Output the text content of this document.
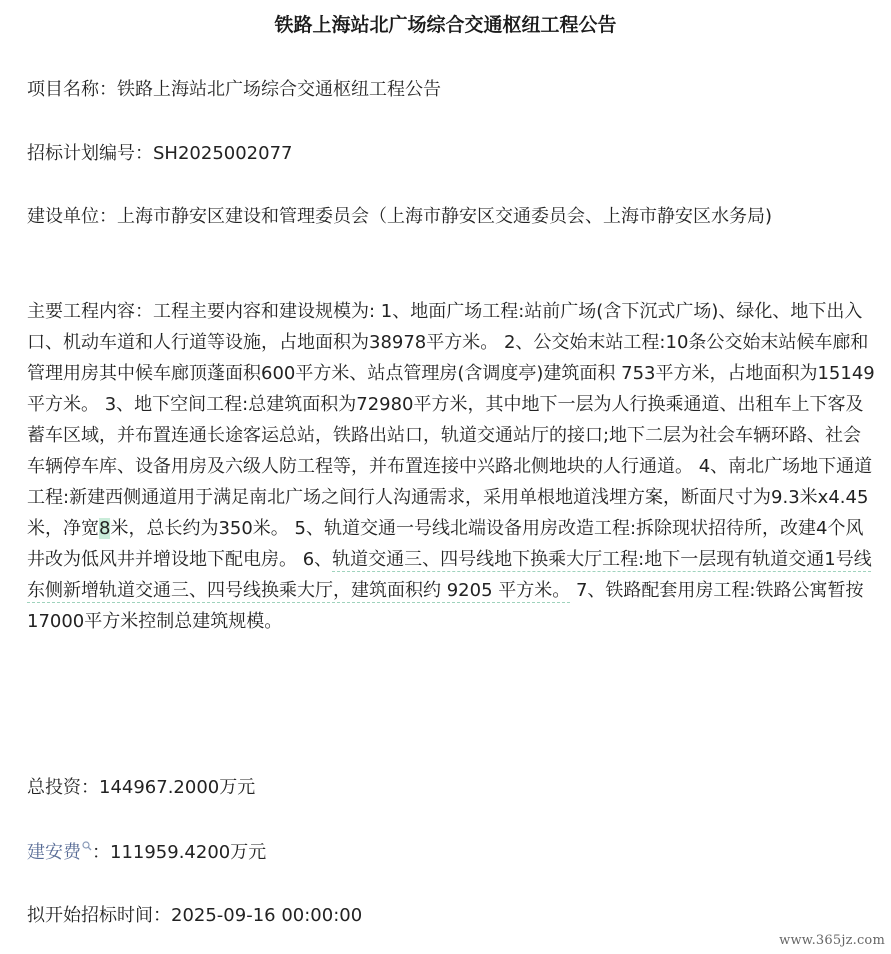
铁路上海站北广场综合交通枢纽工程公告

项目名称：铁路上海站北广场综合交通枢纽工程公告

招标计划编号：SH2025002077

建设单位：上海市静安区建设和管理委员会（上海市静安区交通委员会、上海市静安区水务局)

主要工程内容：工程主要内容和建设规模为: 1、地面广场工程:站前广场(含下沉式广场)、绿化、地下出入口、机动车道和人行道等设施，占地面积为38978平方米。 2、公交始末站工程:10条公交始末站候车廊和管理用房其中候车廊顶蓬面积600平方米、站点管理房(含调度亭)建筑面积 753平方米，占地面积为15149 平方米。 3、地下空间工程:总建筑面积为72980平方米，其中地下一层为人行换乘通道、出租车上下客及蓄车区域，并布置连通长途客运总站，铁路出站口，轨道交通站厅的接口;地下二层为社会车辆环路、社会车辆停车库、设备用房及六级人防工程等，并布置连接中兴路北侧地块的人行通道。 4、南北广场地下通道工程:新建西侧通道用于满足南北广场之间行人沟通需求，采用单根地道浅埋方案，断面尺寸为9.3米x4.45 米，净宽8米，总长约为350米。 5、轨道交通一号线北端设备用房改造工程:拆除现状招待所，改建4个风井改为低风井并增设地下配电房。 6、轨道交通三、四号线地下换乘大厅工程:地下一层现有轨道交通1号线东侧新增轨道交通三、四号线换乘大厅，建筑面积约 9205 平方米。 7、铁路配套用房工程:铁路公寓暂按17000平方米控制总建筑规模。

总投资：144967.2000万元

建安费 ：111959.4200万元

拟开始招标时间：2025-09-16 00:00:00

www.365jz.com
